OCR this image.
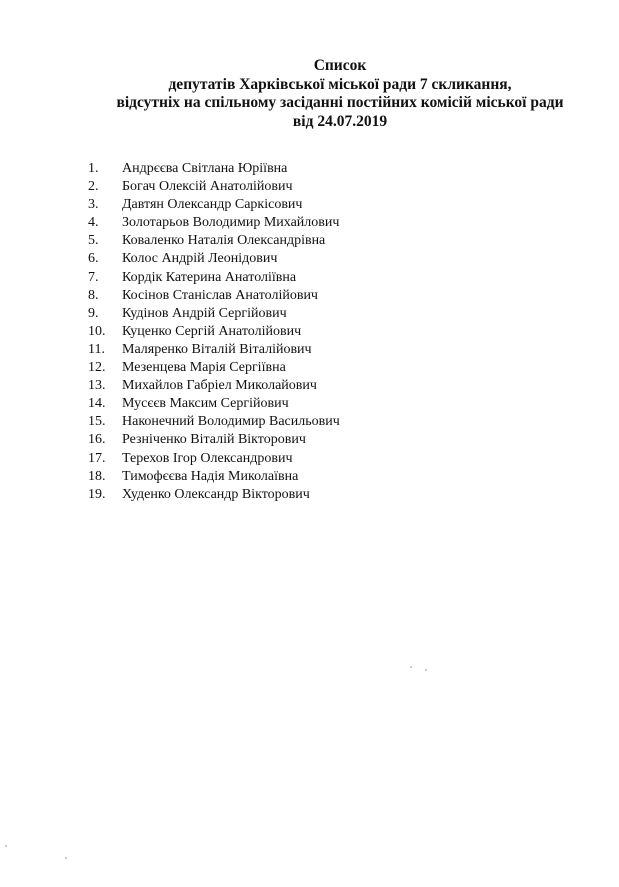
Список
депутатів Харківської міської ради 7 скликання,
відсутніх на спільному засіданні постійних комісій міської ради
від 24.07.2019
1.	Андрєєва Світлана Юріївна
2.	Богач Олексій Анатолійович
3.	Давтян Олександр Саркісович
4.	Золотарьов Володимир Михайлович
5.	Коваленко Наталія Олександрівна
6.	Колос Андрій Леонідович
7.	Кордік Катерина Анатоліївна
8.	Косінов Станіслав Анатолійович
9.	Кудінов Андрій Сергійович
10.	Куценко Сергій Анатолійович
11.	Маляренко Віталій Віталійович
12.	Мезенцева Марія Сергіївна
13.	Михайлов Габріел Миколайович
14.	Мусєєв Максим Сергійович
15.	Наконечний Володимир Васильович
16.	Резніченко Віталій Вікторович
17.	Терехов Ігор Олександрович
18.	Тимофєєва Надія Миколаївна
19.	Худенко Олександр Вікторович
